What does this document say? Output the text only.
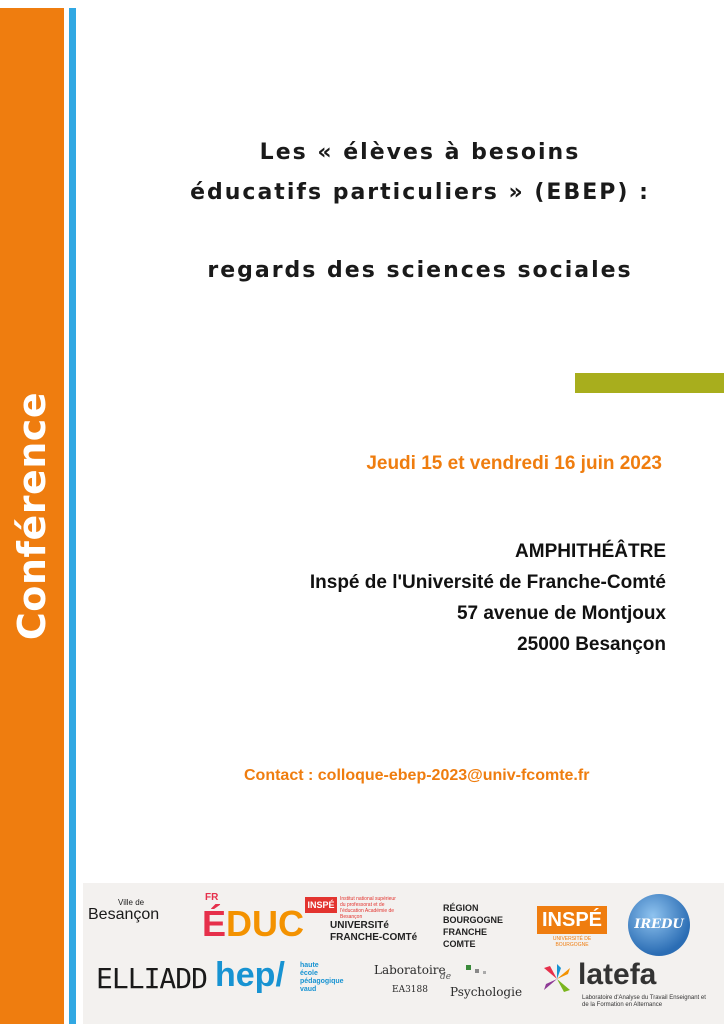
Conférence
Les « élèves à besoins
éducatifs particuliers » (EBEP) :
regards des sciences sociales
Jeudi 15 et vendredi 16 juin 2023
AMPHITHÉÂTRE
Inspé de l'Université de Franche-Comté
57 avenue de Montjoux
25000 Besançon
Contact : colloque-ebep-2023@univ-fcomte.fr
Ville de
Besançon
FR
ÉDUC INSPÉ
Institut national supérieur du professorat et de l'éducation Académie de Besançon
UNIVERSITé
FRANCHE-COMTé
RÉGION
BOURGOGNE
FRANCHE
COMTE
INSPÉ
UNIVERSITÉ DE BOURGOGNE
IREDU
ELLIADD hep/ haute
école
pédagogique
vaud
Laboratoire
de
EA3188 Psychologie
latefa
Laboratoire d'Analyse du Travail Enseignant et de la Formation en Alternance
